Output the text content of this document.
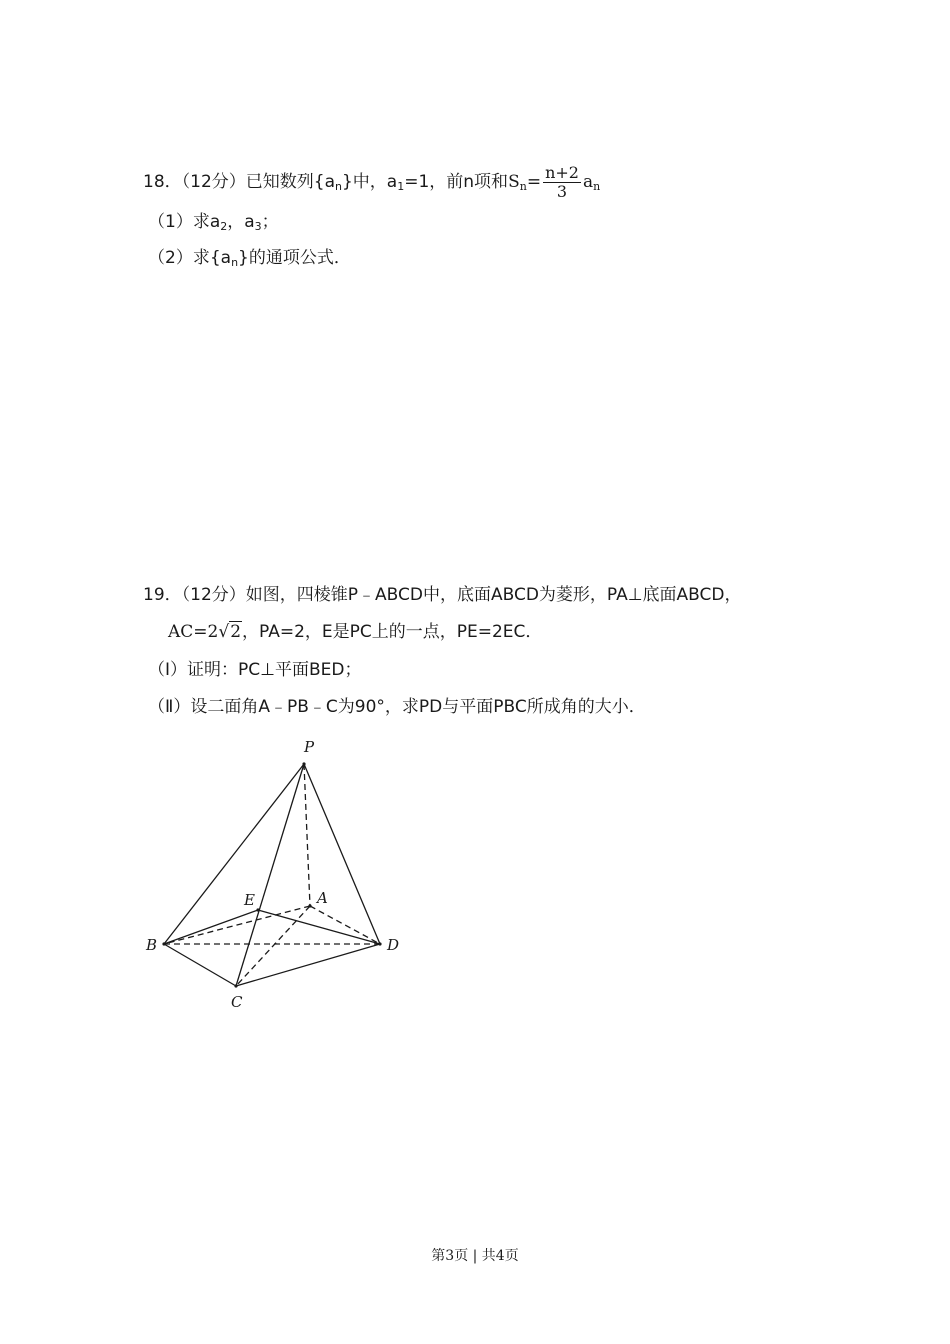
18．（12分）已知数列$\{a_n\}$中，$a_1=1$，前n项和$S_n= \frac{n+2}{3} a_n$
（1）求$a_2$，$a_3$；
（2）求$\{a_n\}$的通项公式．
19．（12分）如图，四棱锥P﹣ABCD中，底面ABCD为菱形，PA⊥底面ABCD，
AC=2√2，PA=2，E是PC上的一点，PE=2EC．
（Ⅰ）证明：PC⊥平面BED；
（Ⅱ）设二面角A﹣PB﹣C为90°，求PD与平面PBC所成角的大小．
P
A
E
B	D
C
第3页 | 共4页
